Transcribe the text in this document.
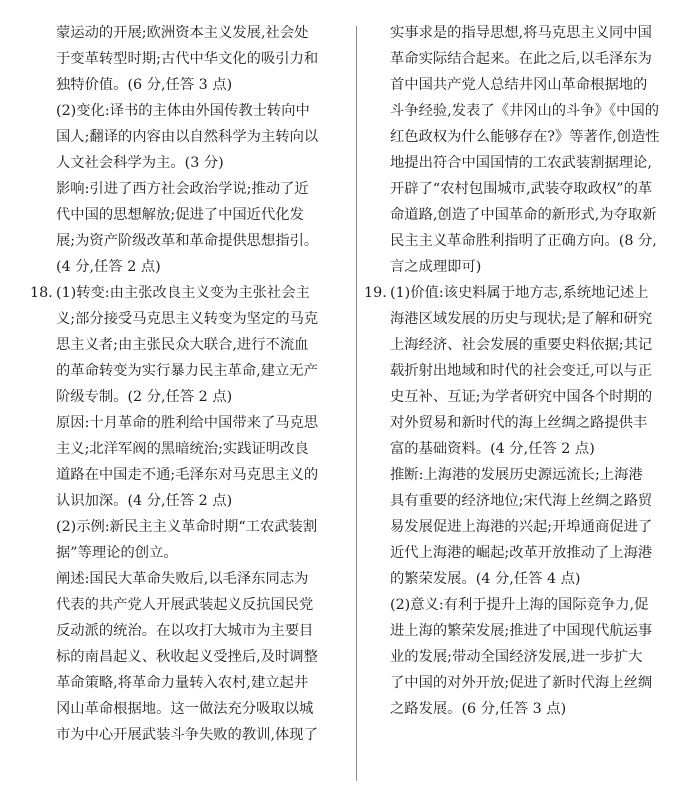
蒙运动的开展;欧洲资本主义发展,社会处
于变革转型时期;古代中华文化的吸引力和
独特价值。(6 分,任答 3 点)
(2)变化:译书的主体由外国传教士转向中
国人;翻译的内容由以自然科学为主转向以
人文社会科学为主。(3 分)
影响:引进了西方社会政治学说;推动了近
代中国的思想解放;促进了中国近代化发
展;为资产阶级改革和革命提供思想指引。
(4 分,任答 2 点)
18. (1)转变:由主张改良主义变为主张社会主
义;部分接受马克思主义转变为坚定的马克
思主义者;由主张民众大联合,进行不流血
的革命转变为实行暴力民主革命,建立无产
阶级专制。(2 分,任答 2 点)
原因:十月革命的胜利给中国带来了马克思
主义;北洋军阀的黑暗统治;实践证明改良
道路在中国走不通;毛泽东对马克思主义的
认识加深。(4 分,任答 2 点)
(2)示例:新民主主义革命时期“工农武装割
据”等理论的创立。
阐述:国民大革命失败后,以毛泽东同志为
代表的共产党人开展武装起义反抗国民党
反动派的统治。在以攻打大城市为主要目
标的南昌起义、秋收起义受挫后,及时调整
革命策略,将革命力量转入农村,建立起井
冈山革命根据地。这一做法充分吸取以城
市为中心开展武装斗争失败的教训,体现了
实事求是的指导思想,将马克思主义同中国
革命实际结合起来。在此之后,以毛泽东为
首中国共产党人总结井冈山革命根据地的
斗争经验,发表了《井冈山的斗争》《中国的
红色政权为什么能够存在?》等著作,创造性
地提出符合中国国情的工农武装割据理论,
开辟了“农村包围城市,武装夺取政权”的革
命道路,创造了中国革命的新形式,为夺取新
民主主义革命胜利指明了正确方向。(8 分,
言之成理即可)
19. (1)价值:该史料属于地方志,系统地记述上
海港区域发展的历史与现状;是了解和研究
上海经济、社会发展的重要史料依据;其记
载折射出地域和时代的社会变迁,可以与正
史互补、互证;为学者研究中国各个时期的
对外贸易和新时代的海上丝绸之路提供丰
富的基础资料。(4 分,任答 2 点)
推断:上海港的发展历史源远流长;上海港
具有重要的经济地位;宋代海上丝绸之路贸
易发展促进上海港的兴起;开埠通商促进了
近代上海港的崛起;改革开放推动了上海港
的繁荣发展。(4 分,任答 4 点)
(2)意义:有利于提升上海的国际竞争力,促
进上海的繁荣发展;推进了中国现代航运事
业的发展;带动全国经济发展,进一步扩大
了中国的对外开放;促进了新时代海上丝绸
之路发展。(6 分,任答 3 点)
